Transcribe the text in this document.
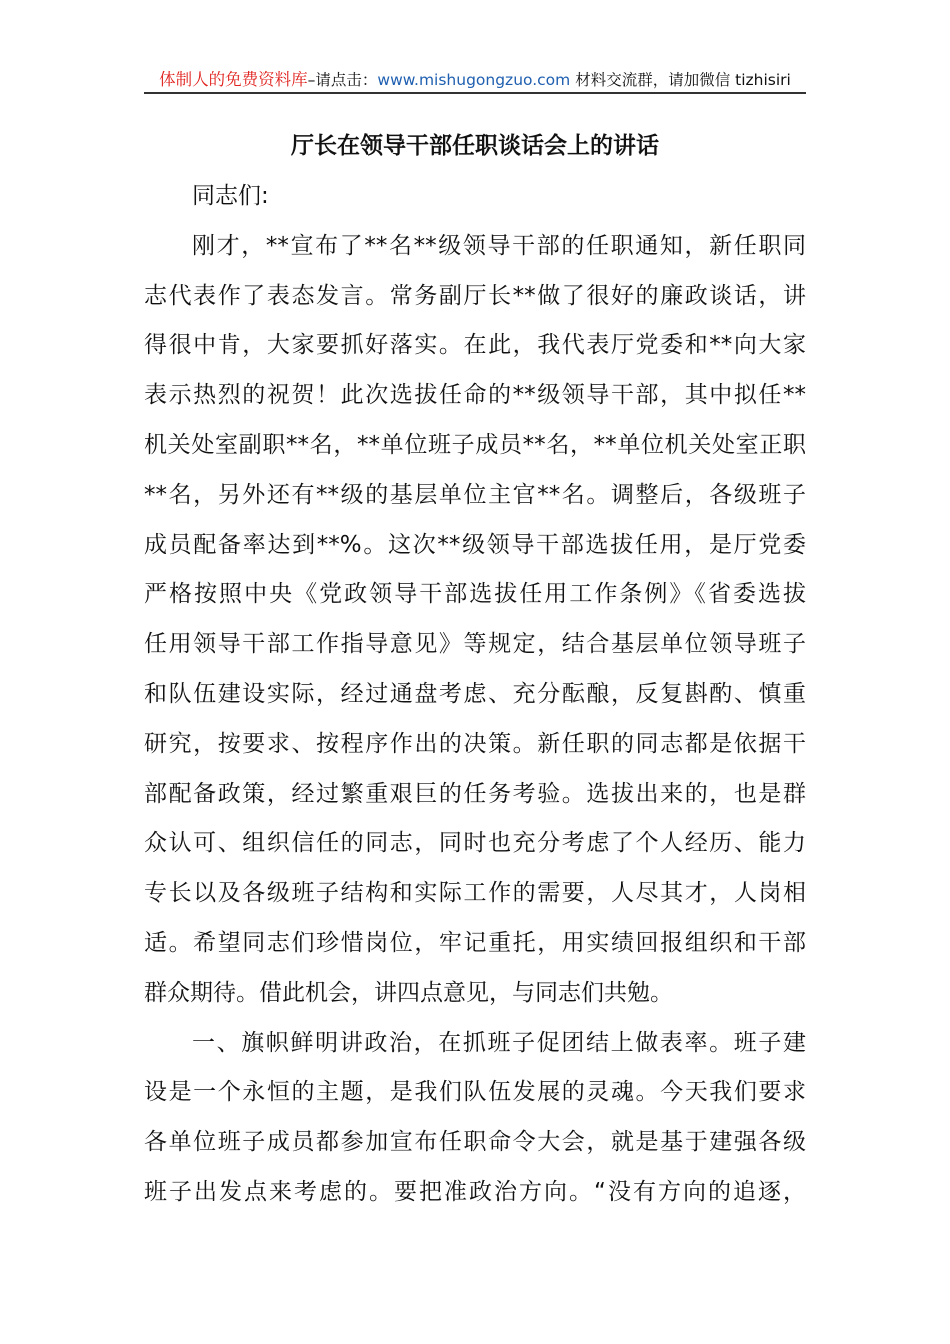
体制人的免费资料库–请点击：www.mishugongzuo.com 材料交流群，请加微信 tizhisiri
厅长在领导干部任职谈话会上的讲话
同志们:
刚才，**宣布了**名**级领导干部的任职通知，新任职同
志代表作了表态发言。常务副厅长**做了很好的廉政谈话，讲
得很中肯，大家要抓好落实。在此，我代表厅党委和**向大家
表示热烈的祝贺！此次选拔任命的**级领导干部，其中拟任**
机关处室副职**名，**单位班子成员**名，**单位机关处室正职
**名，另外还有**级的基层单位主官**名。调整后，各级班子
成员配备率达到**%。这次**级领导干部选拔任用，是厅党委
严格按照中央《党政领导干部选拔任用工作条例》《省委选拔
任用领导干部工作指导意见》等规定，结合基层单位领导班子
和队伍建设实际，经过通盘考虑、充分酝酿，反复斟酌、慎重
研究，按要求、按程序作出的决策。新任职的同志都是依据干
部配备政策，经过繁重艰巨的任务考验。选拔出来的，也是群
众认可、组织信任的同志，同时也充分考虑了个人经历、能力
专长以及各级班子结构和实际工作的需要，人尽其才，人岗相
适。希望同志们珍惜岗位，牢记重托，用实绩回报组织和干部
群众期待。借此机会，讲四点意见，与同志们共勉。
一、旗帜鲜明讲政治，在抓班子促团结上做表率。班子建
设是一个永恒的主题，是我们队伍发展的灵魂。今天我们要求
各单位班子成员都参加宣布任职命令大会，就是基于建强各级
班子出发点来考虑的。要把准政治方向。“没有方向的追逐，
